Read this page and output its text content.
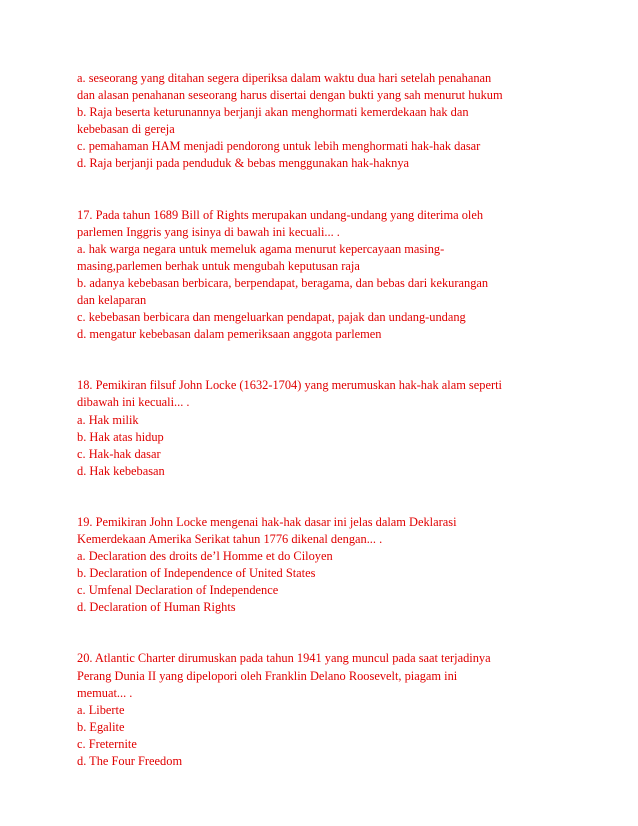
a. seseorang yang ditahan segera diperiksa dalam waktu dua hari setelah penahanan
dan alasan penahanan seseorang harus disertai dengan bukti yang sah menurut hukum
b. Raja beserta keturunannya berjanji akan menghormati kemerdekaan hak dan
kebebasan di gereja
c. pemahaman HAM menjadi pendorong untuk lebih menghormati hak-hak dasar
d. Raja berjanji pada penduduk & bebas menggunakan hak-haknya
17. Pada tahun 1689 Bill of Rights merupakan undang-undang yang diterima oleh
parlemen Inggris yang isinya di bawah ini kecuali... .
a. hak warga negara untuk memeluk agama menurut kepercayaan masing-
masing,parlemen berhak untuk mengubah keputusan raja
b. adanya kebebasan berbicara, berpendapat, beragama, dan bebas dari kekurangan
dan kelaparan
c. kebebasan berbicara dan mengeluarkan pendapat, pajak dan undang-undang
d. mengatur kebebasan dalam pemeriksaan anggota parlemen
18. Pemikiran filsuf John Locke (1632-1704) yang merumuskan hak-hak alam seperti
dibawah ini kecuali... .
a. Hak milik
b. Hak atas hidup
c. Hak-hak dasar
d. Hak kebebasan
19. Pemikiran John Locke mengenai hak-hak dasar ini jelas dalam Deklarasi
Kemerdekaan Amerika Serikat tahun 1776 dikenal dengan... .
a. Declaration des droits de’l Homme et do Ciloyen
b. Declaration of Independence of United States
c. Umfenal Declaration of Independence
d. Declaration of Human Rights
20. Atlantic Charter dirumuskan pada tahun 1941 yang muncul pada saat terjadinya
Perang Dunia II yang dipelopori oleh Franklin Delano Roosevelt, piagam ini
memuat... .
a. Liberte
b. Egalite
c. Freternite
d. The Four Freedom
